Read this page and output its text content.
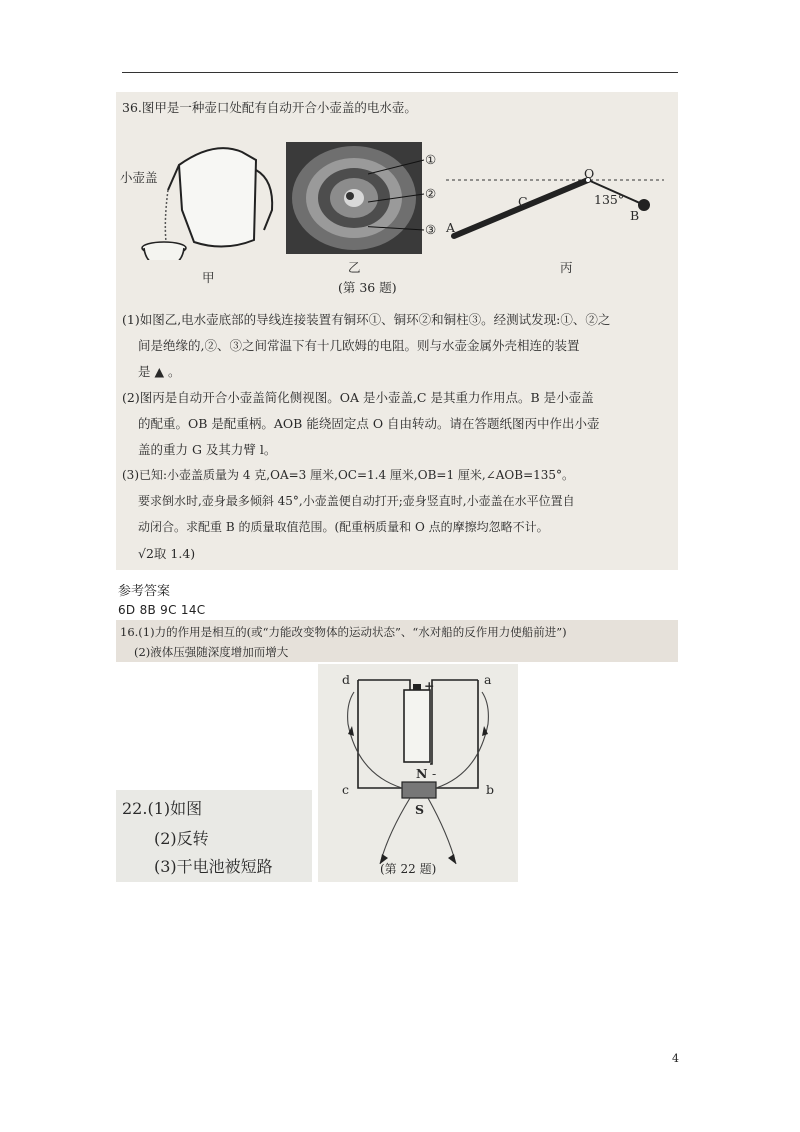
36.图甲是一种壶口处配有自动开合小壶盖的电水壶。
小壶盖
甲
①
②
③
乙
(第 36 题)
O
C
A
135°
B
丙
(1)如图乙,电水壶底部的导线连接装置有铜环①、铜环②和铜柱③。经测试发现:①、②之
间是绝缘的,②、③之间常温下有十几欧姆的电阻。则与水壶金属外壳相连的装置
是 ▲ 。
(2)图丙是自动开合小壶盖简化侧视图。OA 是小壶盖,C 是其重力作用点。B 是小壶盖
的配重。OB 是配重柄。AOB 能绕固定点 O 自由转动。请在答题纸图丙中作出小壶
盖的重力 G 及其力臂 l。
(3)已知:小壶盖质量为 4 克,OA=3 厘米,OC=1.4 厘米,OB=1 厘米,∠AOB=135°。
要求倒水时,壶身最多倾斜 45°,小壶盖便自动打开;壶身竖直时,小壶盖在水平位置自
动闭合。求配重 B 的质量取值范围。(配重柄质量和 O 点的摩擦均忽略不计。
√2取 1.4)
参考答案
6D 8B 9C 14C
16.(1)力的作用是相互的(或“力能改变物体的运动状态”、“水对船的反作用力使船前进”)
(2)液体压强随深度增加而增大
22.(1)如图
(2)反转
(3)干电池被短路
d	a
c	b
+
N -
S
(第 22 题)
4
